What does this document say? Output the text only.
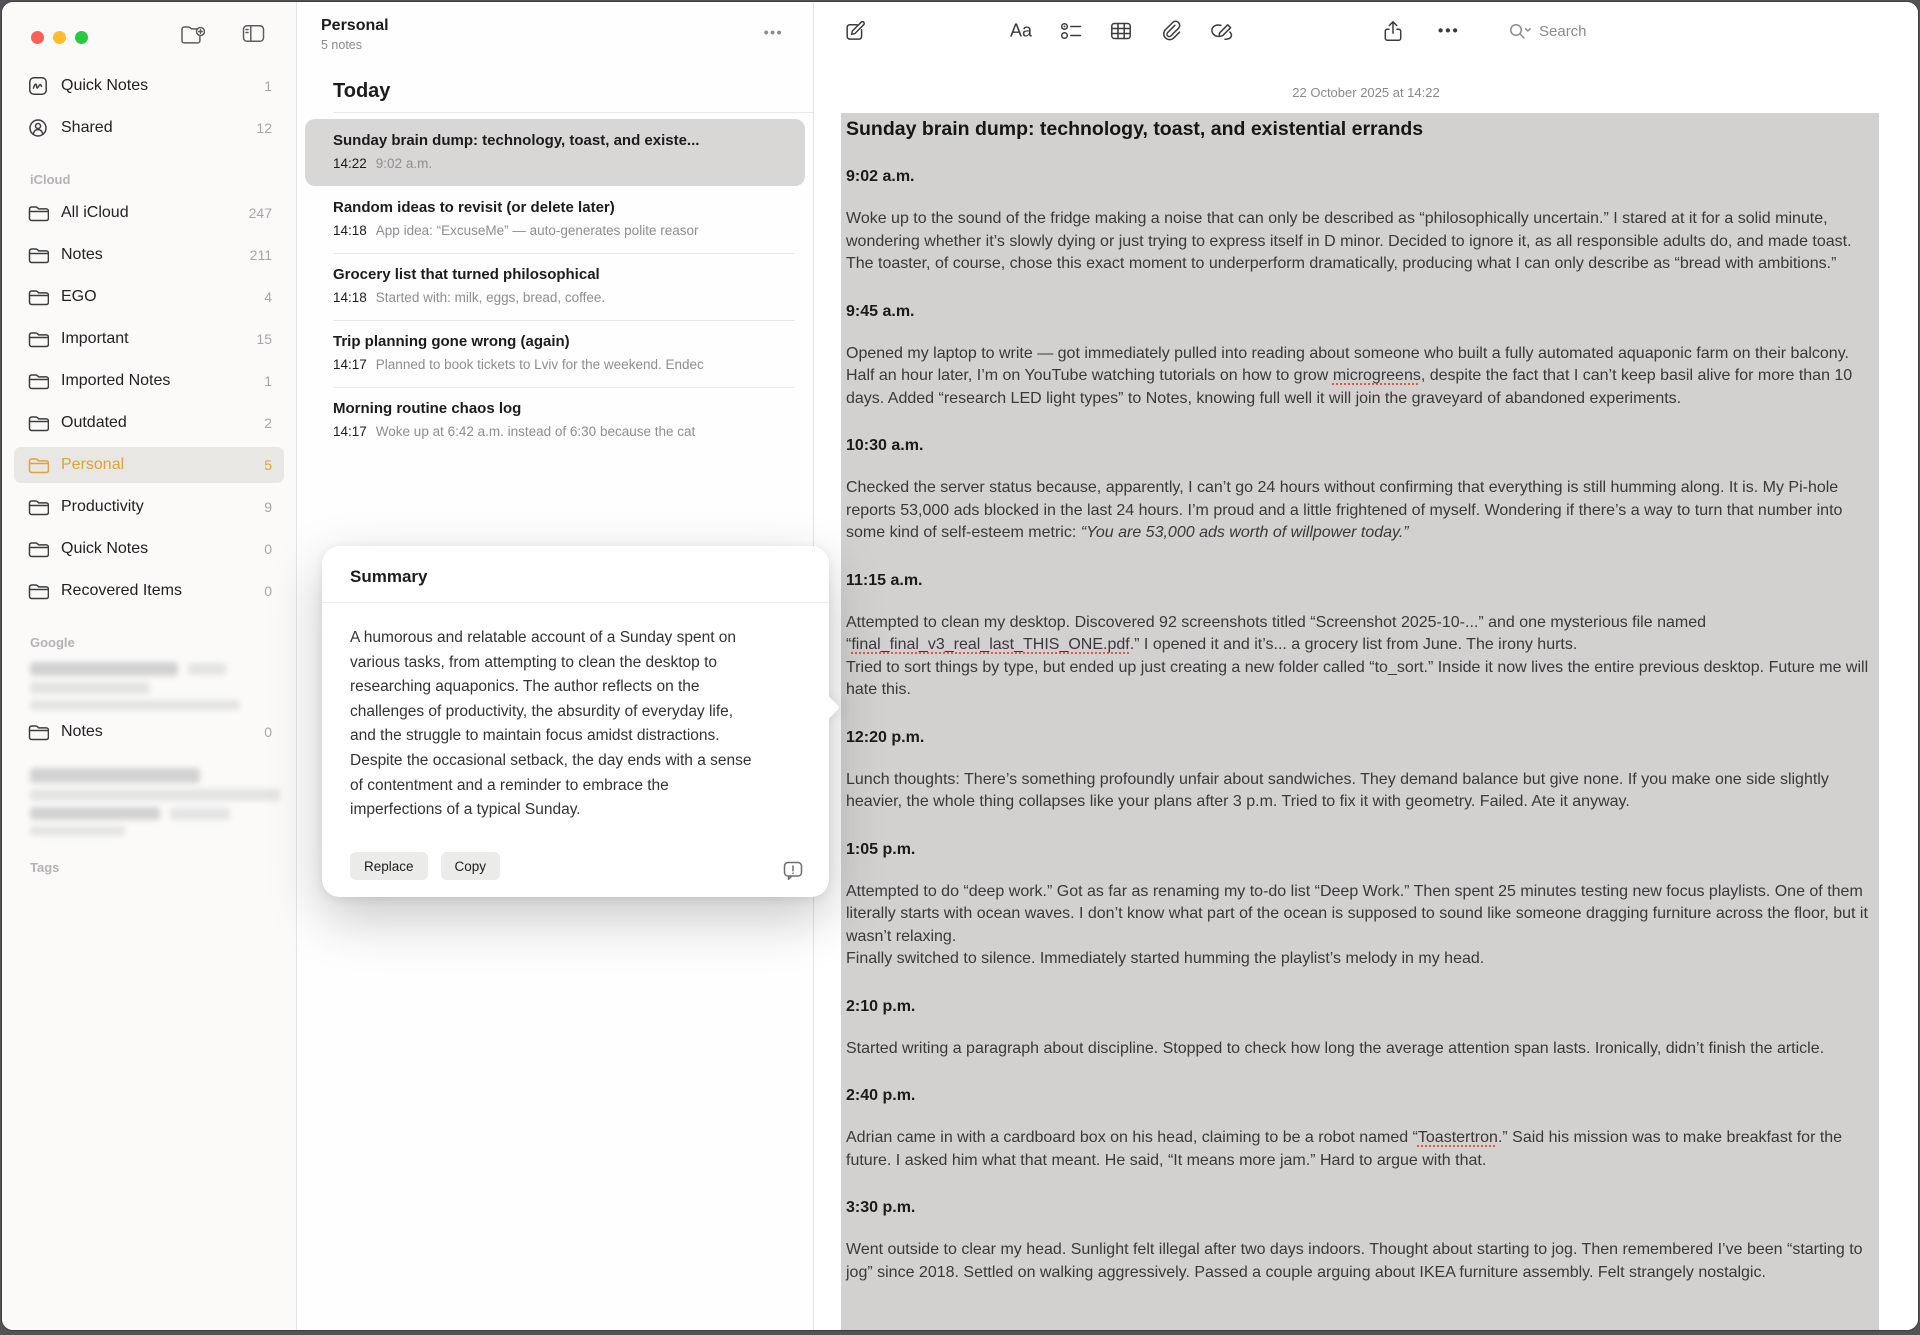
Quick Notes	1
Shared	12
iCloud
All iCloud	247
Notes	211
EGO	4
Important	15
Imported Notes	1
Outdated	2
Personal	5
Productivity	9
Quick Notes	0
Recovered Items	0
Google
Notes	0
Tags
Personal
5 notes
•••
Today
Sunday brain dump: technology, toast, and existe...
14:22 9:02 a.m.
Random ideas to revisit (or delete later)
14:18 App idea: “ExcuseMe” — auto-generates polite reasor
Grocery list that turned philosophical
14:18 Started with: milk, eggs, bread, coffee.
Trip planning gone wrong (again)
14:17 Planned to book tickets to Lviv for the weekend. Endec
Morning routine chaos log
14:17 Woke up at 6:42 a.m. instead of 6:30 because the cat
Aa	•••	Search
22 October 2025 at 14:22
Sunday brain dump: technology, toast, and existential errands
9:02 a.m.

Woke up to the sound of the fridge making a noise that can only be described as “philosophically uncertain.” I stared at it for a solid minute, wondering whether it’s slowly dying or just trying to express itself in D minor. Decided to ignore it, as all responsible adults do, and made toast. The toaster, of course, chose this exact moment to underperform dramatically, producing what I can only describe as “bread with ambitions.”

9:45 a.m.

Opened my laptop to write — got immediately pulled into reading about someone who built a fully automated aquaponic farm on their balcony. Half an hour later, I’m on YouTube watching tutorials on how to grow microgreens, despite the fact that I can’t keep basil alive for more than 10 days. Added “research LED light types” to Notes, knowing full well it will join the graveyard of abandoned experiments.

10:30 a.m.

Checked the server status because, apparently, I can’t go 24 hours without confirming that everything is still humming along. It is. My Pi-hole reports 53,000 ads blocked in the last 24 hours. I’m proud and a little frightened of myself. Wondering if there’s a way to turn that number into some kind of self-esteem metric: “You are 53,000 ads worth of willpower today.”

11:15 a.m.

Attempted to clean my desktop. Discovered 92 screenshots titled “Screenshot 2025-10-...” and one mysterious file named “final_final_v3_real_last_THIS_ONE.pdf.” I opened it and it’s... a grocery list from June. The irony hurts.
Tried to sort things by type, but ended up just creating a new folder called “to_sort.” Inside it now lives the entire previous desktop. Future me will hate this.

12:20 p.m.

Lunch thoughts: There’s something profoundly unfair about sandwiches. They demand balance but give none. If you make one side slightly heavier, the whole thing collapses like your plans after 3 p.m. Tried to fix it with geometry. Failed. Ate it anyway.

1:05 p.m.

Attempted to do “deep work.” Got as far as renaming my to-do list “Deep Work.” Then spent 25 minutes testing new focus playlists. One of them literally starts with ocean waves. I don’t know what part of the ocean is supposed to sound like someone dragging furniture across the floor, but it wasn’t relaxing.
Finally switched to silence. Immediately started humming the playlist’s melody in my head.

2:10 p.m.

Started writing a paragraph about discipline. Stopped to check how long the average attention span lasts. Ironically, didn’t finish the article.

2:40 p.m.

Adrian came in with a cardboard box on his head, claiming to be a robot named “Toastertron.” Said his mission was to make breakfast for the future. I asked him what that meant. He said, “It means more jam.” Hard to argue with that.

3:30 p.m.

Went outside to clear my head. Sunlight felt illegal after two days indoors. Thought about starting to jog. Then remembered I’ve been “starting to jog” since 2018. Settled on walking aggressively. Passed a couple arguing about IKEA furniture assembly. Felt strangely nostalgic.

Summary
A humorous and relatable account of a Sunday spent on various tasks, from attempting to clean the desktop to researching aquaponics. The author reflects on the challenges of productivity, the absurdity of everyday life, and the struggle to maintain focus amidst distractions. Despite the occasional setback, the day ends with a sense of contentment and a reminder to embrace the imperfections of a typical Sunday.
Replace	Copy
